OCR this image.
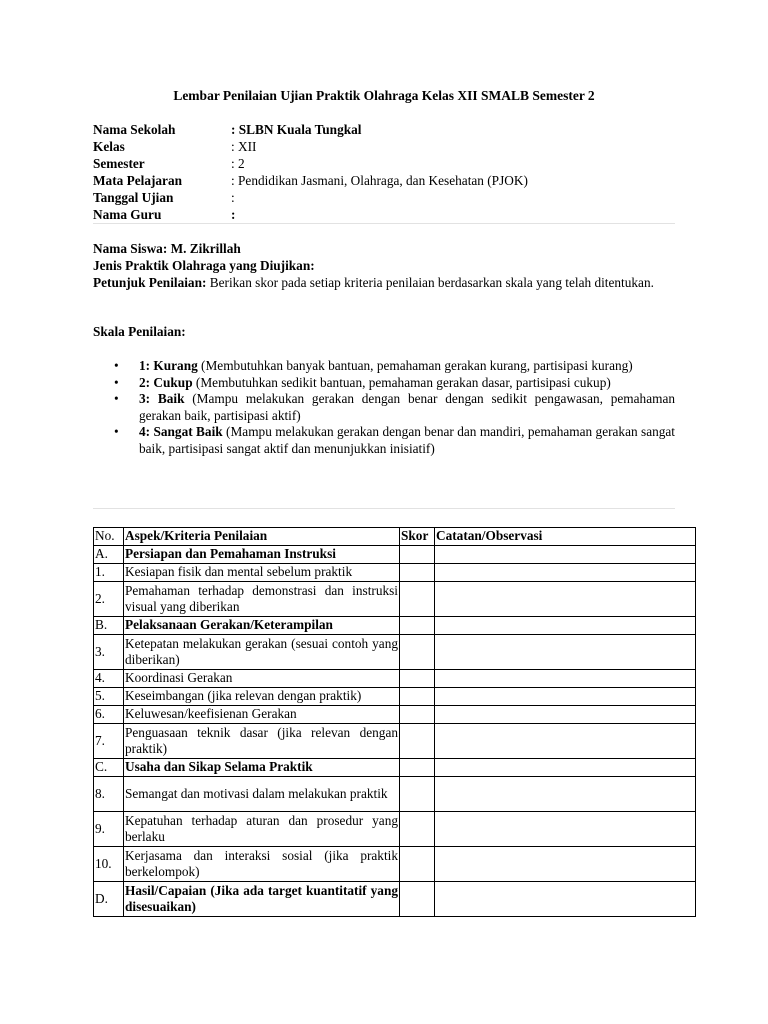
Lembar Penilaian Ujian Praktik Olahraga Kelas XII SMALB Semester 2
Nama Sekolah	: SLBN Kuala Tungkal
Kelas	: XII
Semester	: 2
Mata Pelajaran	: Pendidikan Jasmani, Olahraga, dan Kesehatan (PJOK)
Tanggal Ujian	:
Nama Guru	:
Nama Siswa: M. Zikrillah
Jenis Praktik Olahraga yang Diujikan:
Petunjuk Penilaian: Berikan skor pada setiap kriteria penilaian berdasarkan skala yang telah ditentukan.
Skala Penilaian:
• 1: Kurang (Membutuhkan banyak bantuan, pemahaman gerakan kurang, partisipasi kurang)
• 2: Cukup (Membutuhkan sedikit bantuan, pemahaman gerakan dasar, partisipasi cukup)
• 3: Baik (Mampu melakukan gerakan dengan benar dengan sedikit pengawasan, pemahaman gerakan baik, partisipasi aktif)
• 4: Sangat Baik (Mampu melakukan gerakan dengan benar dan mandiri, pemahaman gerakan sangat baik, partisipasi sangat aktif dan menunjukkan inisiatif)
No.	Aspek/Kriteria Penilaian	Skor	Catatan/Observasi
A.	Persiapan dan Pemahaman Instruksi		
1.	Kesiapan fisik dan mental sebelum praktik		
2.	Pemahaman terhadap demonstrasi dan instruksi visual yang diberikan		
B.	Pelaksanaan Gerakan/Keterampilan		
3.	Ketepatan melakukan gerakan (sesuai contoh yang diberikan)		
4.	Koordinasi Gerakan		
5.	Keseimbangan (jika relevan dengan praktik)		
6.	Keluwesan/keefisienan Gerakan		
7.	Penguasaan teknik dasar (jika relevan dengan praktik)		
C.	Usaha dan Sikap Selama Praktik		
8.	Semangat dan motivasi dalam melakukan praktik		
9.	Kepatuhan terhadap aturan dan prosedur yang berlaku		
10.	Kerjasama dan interaksi sosial (jika praktik berkelompok)		
D.	Hasil/Capaian (Jika ada target kuantitatif yang disesuaikan)		
